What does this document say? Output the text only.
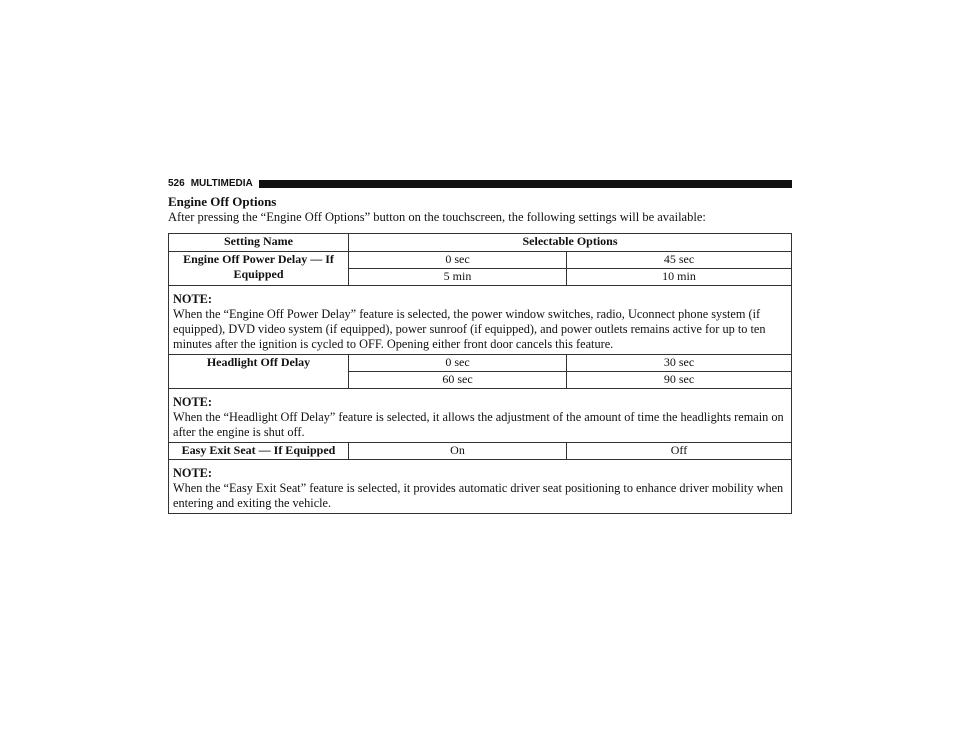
526 MULTIMEDIA
Engine Off Options
After pressing the “Engine Off Options” button on the touchscreen, the following settings will be available:
Setting Name	Selectable Options	
Engine Off Power Delay — If Equipped	0 sec	45 sec
	5 min	10 min

NOTE:
When the “Engine Off Power Delay” feature is selected, the power window switches, radio, Uconnect phone system (if equipped), DVD video system (if equipped), power sunroof (if equipped), and power outlets remains active for up to ten minutes after the ignition is cycled to OFF. Opening either front door cancels this feature.		
Headlight Off Delay	0 sec	30 sec
	60 sec	90 sec

NOTE:
When the “Headlight Off Delay” feature is selected, it allows the adjustment of the amount of time the headlights remain on after the engine is shut off.		
Easy Exit Seat — If Equipped	On	Off

NOTE:
When the “Easy Exit Seat” feature is selected, it provides automatic driver seat positioning to enhance driver mobility when entering and exiting the vehicle.		
